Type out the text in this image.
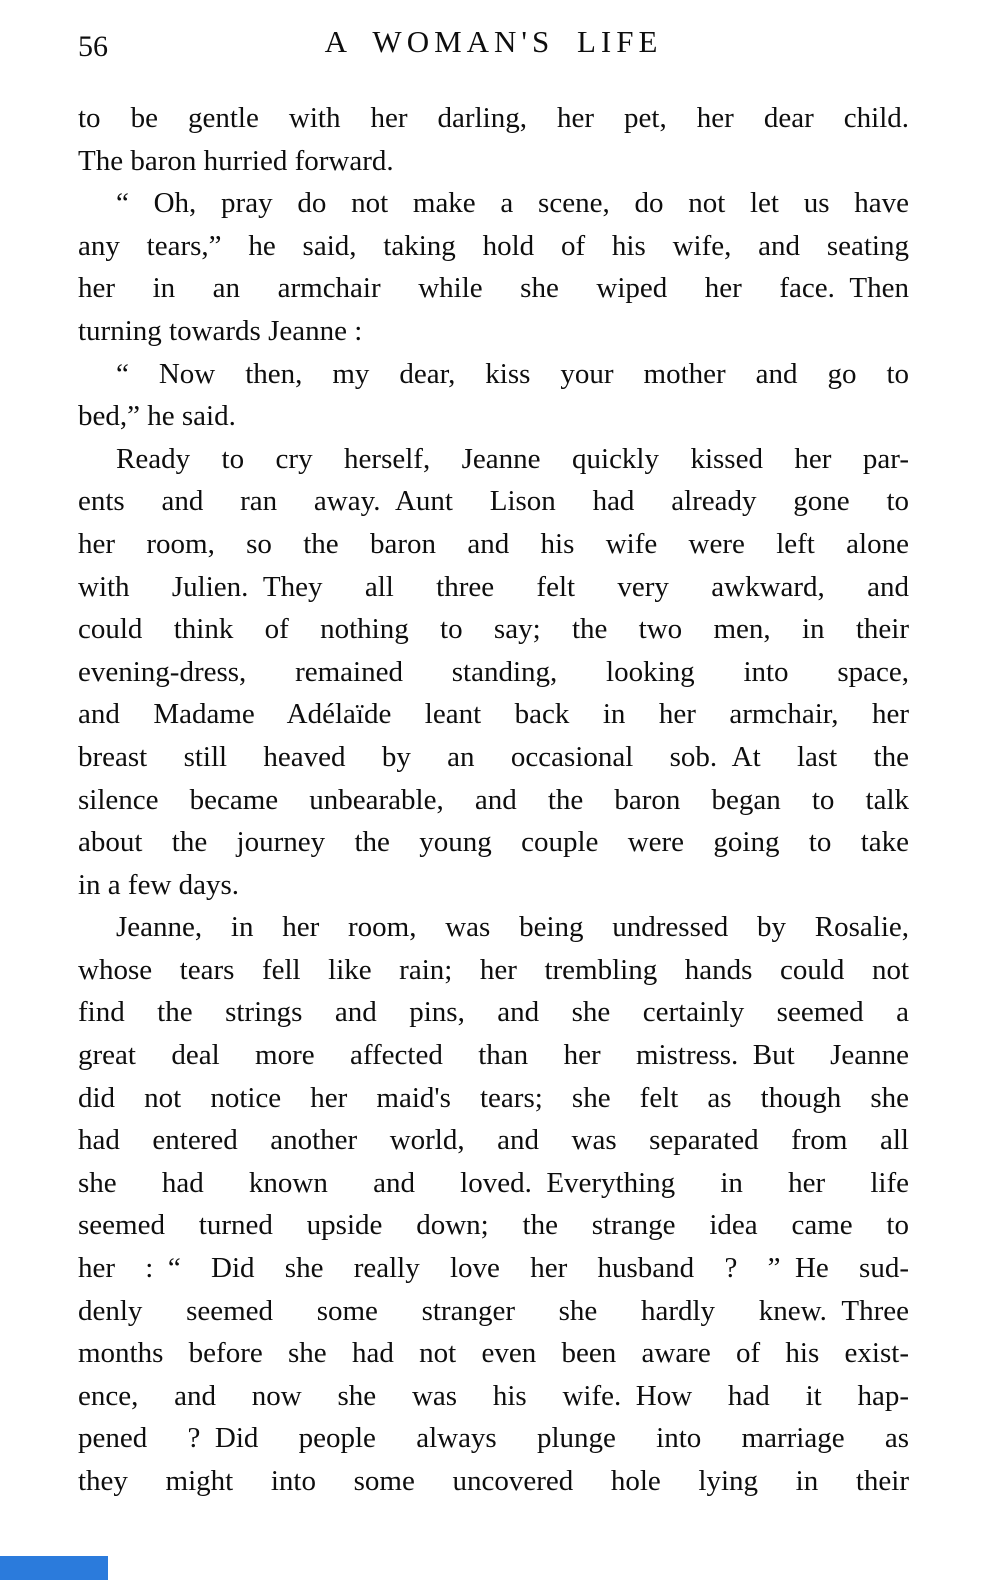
56	A WOMAN'S LIFE
to be gentle with her darling, her pet, her dear child.
The baron hurried forward.
“ Oh, pray do not make a scene, do not let us have
any tears,” he said, taking hold of his wife, and seating
her in an armchair while she wiped her face. Then
turning towards Jeanne :
“ Now then, my dear, kiss your mother and go to
bed,” he said.
Ready to cry herself, Jeanne quickly kissed her par-
ents and ran away. Aunt Lison had already gone to
her room, so the baron and his wife were left alone
with Julien. They all three felt very awkward, and
could think of nothing to say; the two men, in their
evening-dress, remained standing, looking into space,
and Madame Adélaïde leant back in her armchair, her
breast still heaved by an occasional sob. At last the
silence became unbearable, and the baron began to talk
about the journey the young couple were going to take
in a few days.
Jeanne, in her room, was being undressed by Rosalie,
whose tears fell like rain; her trembling hands could not
find the strings and pins, and she certainly seemed a
great deal more affected than her mistress. But Jeanne
did not notice her maid's tears; she felt as though she
had entered another world, and was separated from all
she had known and loved. Everything in her life
seemed turned upside down; the strange idea came to
her : “ Did she really love her husband ? ” He sud-
denly seemed some stranger she hardly knew. Three
months before she had not even been aware of his exist-
ence, and now she was his wife. How had it hap-
pened ? Did people always plunge into marriage as
they might into some uncovered hole lying in their
